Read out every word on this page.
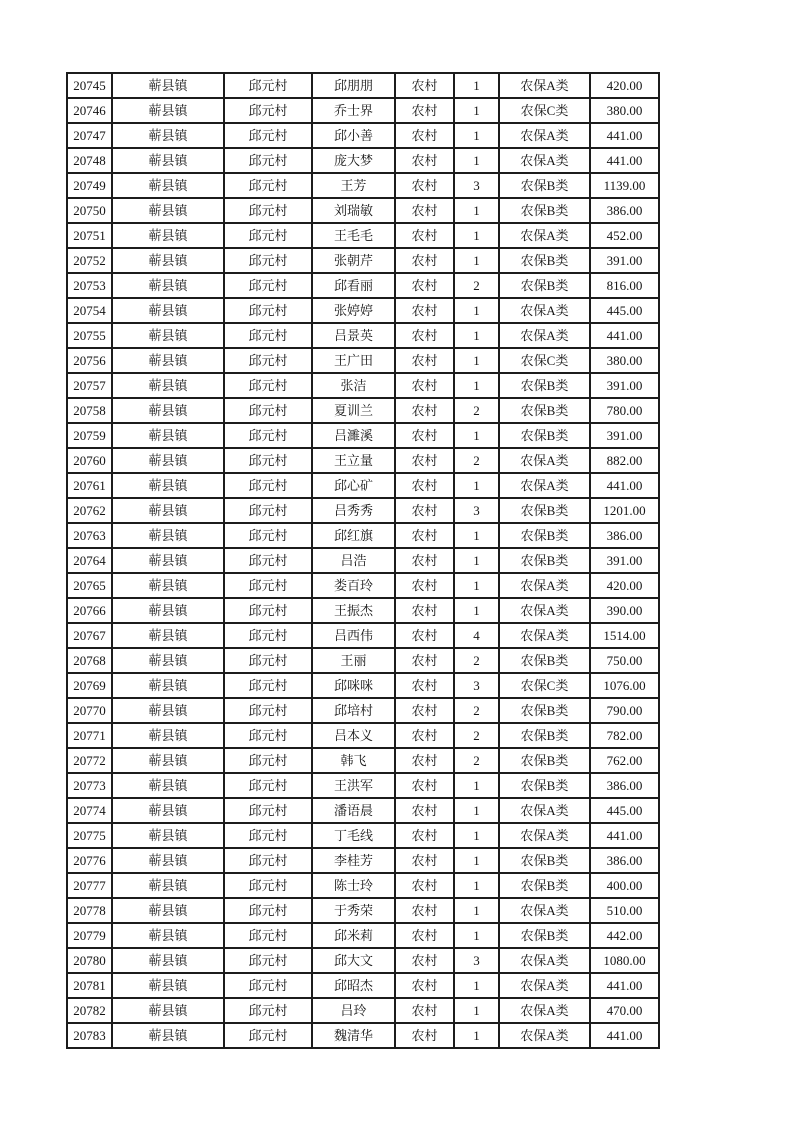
20745	蕲县镇	邱元村	邱朋朋	农村	1	农保A类	420.00
20746	蕲县镇	邱元村	乔士界	农村	1	农保C类	380.00
20747	蕲县镇	邱元村	邱小善	农村	1	农保A类	441.00
20748	蕲县镇	邱元村	庞大梦	农村	1	农保A类	441.00
20749	蕲县镇	邱元村	王芳	农村	3	农保B类	1139.00
20750	蕲县镇	邱元村	刘瑞敏	农村	1	农保B类	386.00
20751	蕲县镇	邱元村	王毛毛	农村	1	农保A类	452.00
20752	蕲县镇	邱元村	张朝芹	农村	1	农保B类	391.00
20753	蕲县镇	邱元村	邱看丽	农村	2	农保B类	816.00
20754	蕲县镇	邱元村	张婷婷	农村	1	农保A类	445.00
20755	蕲县镇	邱元村	吕景英	农村	1	农保A类	441.00
20756	蕲县镇	邱元村	王广田	农村	1	农保C类	380.00
20757	蕲县镇	邱元村	张洁	农村	1	农保B类	391.00
20758	蕲县镇	邱元村	夏训兰	农村	2	农保B类	780.00
20759	蕲县镇	邱元村	吕濉溪	农村	1	农保B类	391.00
20760	蕲县镇	邱元村	王立量	农村	2	农保A类	882.00
20761	蕲县镇	邱元村	邱心矿	农村	1	农保A类	441.00
20762	蕲县镇	邱元村	吕秀秀	农村	3	农保B类	1201.00
20763	蕲县镇	邱元村	邱红旗	农村	1	农保B类	386.00
20764	蕲县镇	邱元村	吕浩	农村	1	农保B类	391.00
20765	蕲县镇	邱元村	娄百玲	农村	1	农保A类	420.00
20766	蕲县镇	邱元村	王振杰	农村	1	农保A类	390.00
20767	蕲县镇	邱元村	吕西伟	农村	4	农保A类	1514.00
20768	蕲县镇	邱元村	王丽	农村	2	农保B类	750.00
20769	蕲县镇	邱元村	邱咪咪	农村	3	农保C类	1076.00
20770	蕲县镇	邱元村	邱培村	农村	2	农保B类	790.00
20771	蕲县镇	邱元村	吕本义	农村	2	农保B类	782.00
20772	蕲县镇	邱元村	韩飞	农村	2	农保B类	762.00
20773	蕲县镇	邱元村	王洪军	农村	1	农保B类	386.00
20774	蕲县镇	邱元村	潘语晨	农村	1	农保A类	445.00
20775	蕲县镇	邱元村	丁毛线	农村	1	农保A类	441.00
20776	蕲县镇	邱元村	李桂芳	农村	1	农保B类	386.00
20777	蕲县镇	邱元村	陈士玲	农村	1	农保B类	400.00
20778	蕲县镇	邱元村	于秀荣	农村	1	农保A类	510.00
20779	蕲县镇	邱元村	邱米莉	农村	1	农保B类	442.00
20780	蕲县镇	邱元村	邱大文	农村	3	农保A类	1080.00
20781	蕲县镇	邱元村	邱昭杰	农村	1	农保A类	441.00
20782	蕲县镇	邱元村	吕玲	农村	1	农保A类	470.00
20783	蕲县镇	邱元村	魏清华	农村	1	农保A类	441.00
